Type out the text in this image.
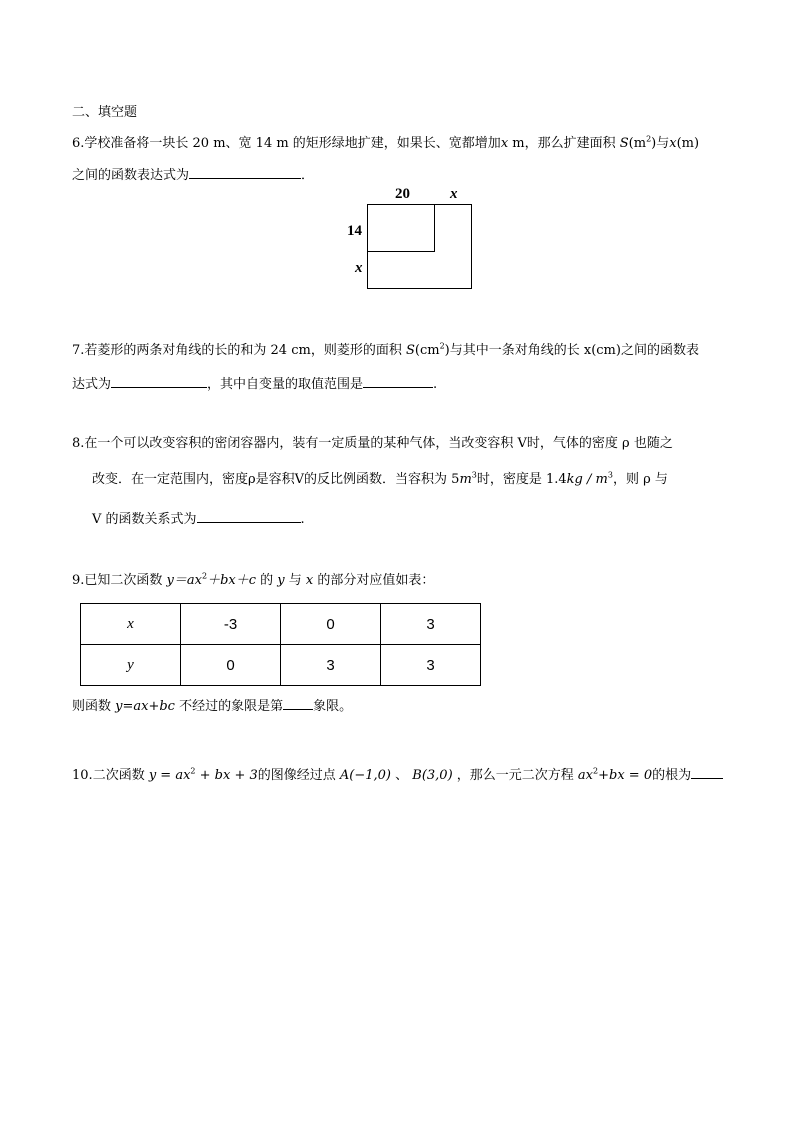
二、填空题
6.学校准备将一块长 20 m、宽 14 m 的矩形绿地扩建，如果长、宽都增加x m，那么扩建面积 $S(m^2)$与x(m)
之间的函数表达式为	．
20	x
14
x
7.若菱形的两条对角线的长的和为 24 cm，则菱形的面积 $S(cm^2)$与其中一条对角线的长 x(cm)之间的函数表
达式为	，其中自变量的取值范围是	.
8.在一个可以改变容积的密闭容器内，装有一定质量的某种气体，当改变容积 V时，气体的密度 ρ 也随之
改变．在一定范围内，密度ρ是容积Ⅴ的反比例函数．当容积为 $5m^3$时，密度是 $1.4kg / m^3$，则 ρ 与
V 的函数关系式为	.
9.已知二次函数 $y=ax^2+bx+c$ 的 y 与 x 的部分对应值如表：
x	-3	0	3
y	0	3	3
则函数 y=ax+bc 不经过的象限是第 象限。
10.二次函数 $y = ax^2$ + bx + 3的图像经过点 A(−1,0) 、 B(3,0) ，那么一元二次方程 $ax^2+bx = 0$的根为
